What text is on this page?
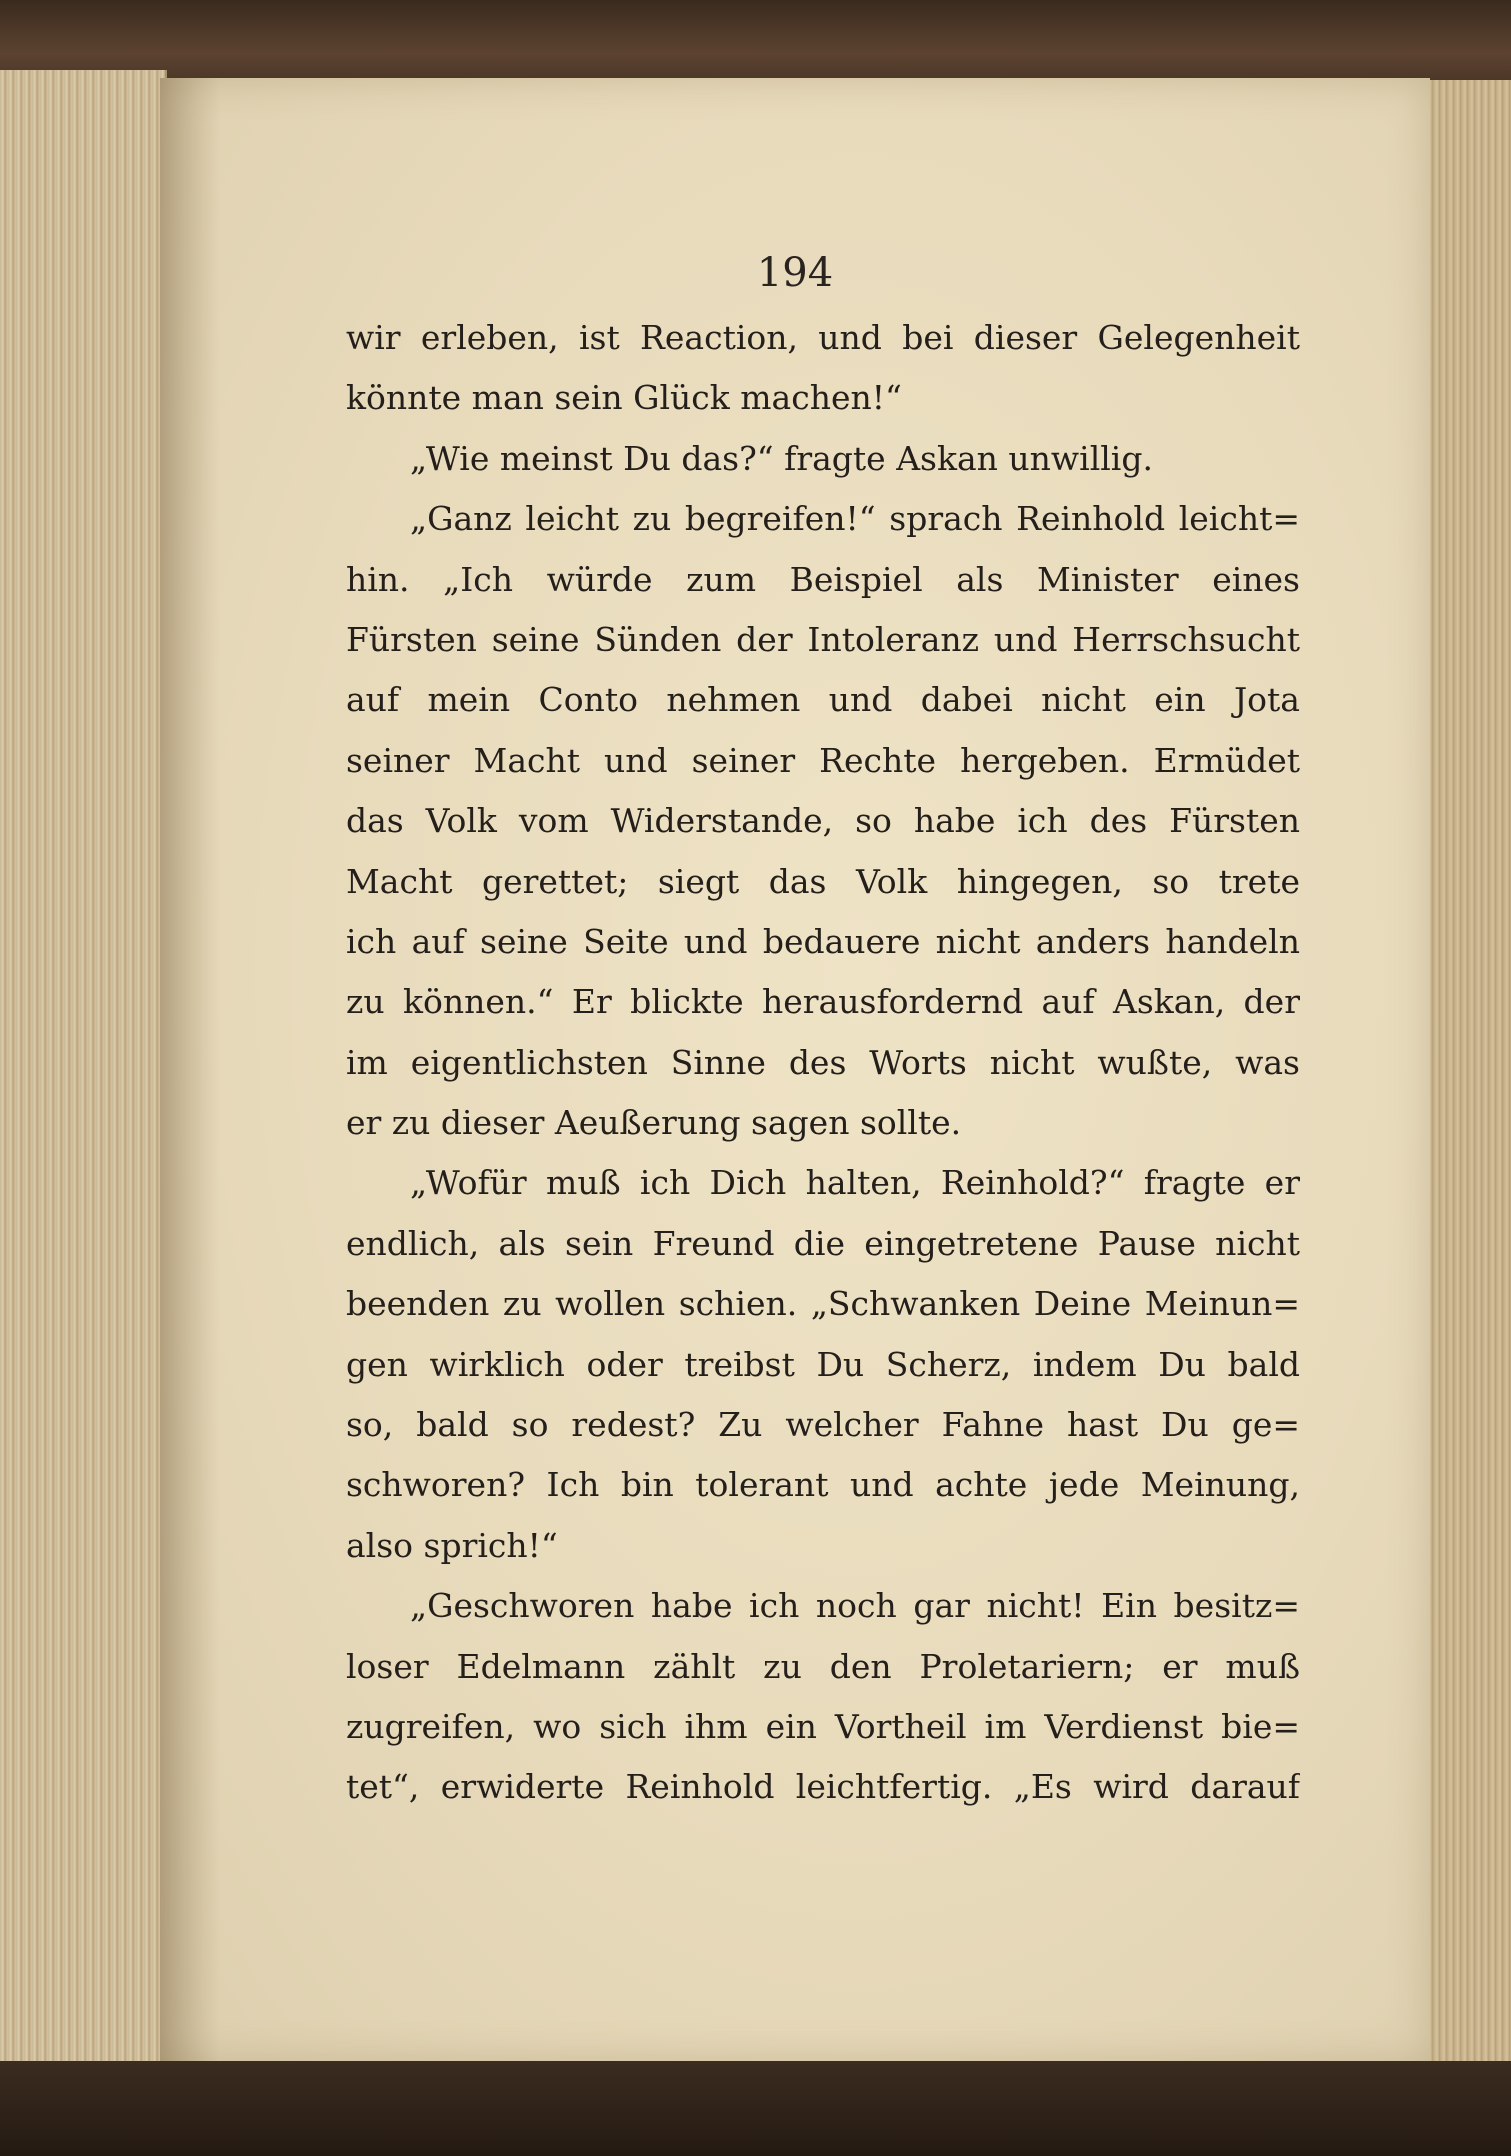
194
wir erleben, ist Reaction, und bei dieser Gelegenheit
könnte man sein Glück machen!“
„Wie meinst Du das?“ fragte Askan unwillig.
„Ganz leicht zu begreifen!“ sprach Reinhold leicht=
hin. „Ich würde zum Beispiel als Minister eines
Fürsten seine Sünden der Intoleranz und Herrschsucht
auf mein Conto nehmen und dabei nicht ein Jota
seiner Macht und seiner Rechte hergeben. Ermüdet
das Volk vom Widerstande, so habe ich des Fürsten
Macht gerettet; siegt das Volk hingegen, so trete
ich auf seine Seite und bedauere nicht anders handeln
zu können.“ Er blickte herausfordernd auf Askan, der
im eigentlichsten Sinne des Worts nicht wußte, was
er zu dieser Aeußerung sagen sollte.
„Wofür muß ich Dich halten, Reinhold?“ fragte er
endlich, als sein Freund die eingetretene Pause nicht
beenden zu wollen schien. „Schwanken Deine Meinun=
gen wirklich oder treibst Du Scherz, indem Du bald
so, bald so redest? Zu welcher Fahne hast Du ge=
schworen? Ich bin tolerant und achte jede Meinung,
also sprich!“
„Geschworen habe ich noch gar nicht! Ein besitz=
loser Edelmann zählt zu den Proletariern; er muß
zugreifen, wo sich ihm ein Vortheil im Verdienst bie=
tet“, erwiderte Reinhold leichtfertig. „Es wird darauf
